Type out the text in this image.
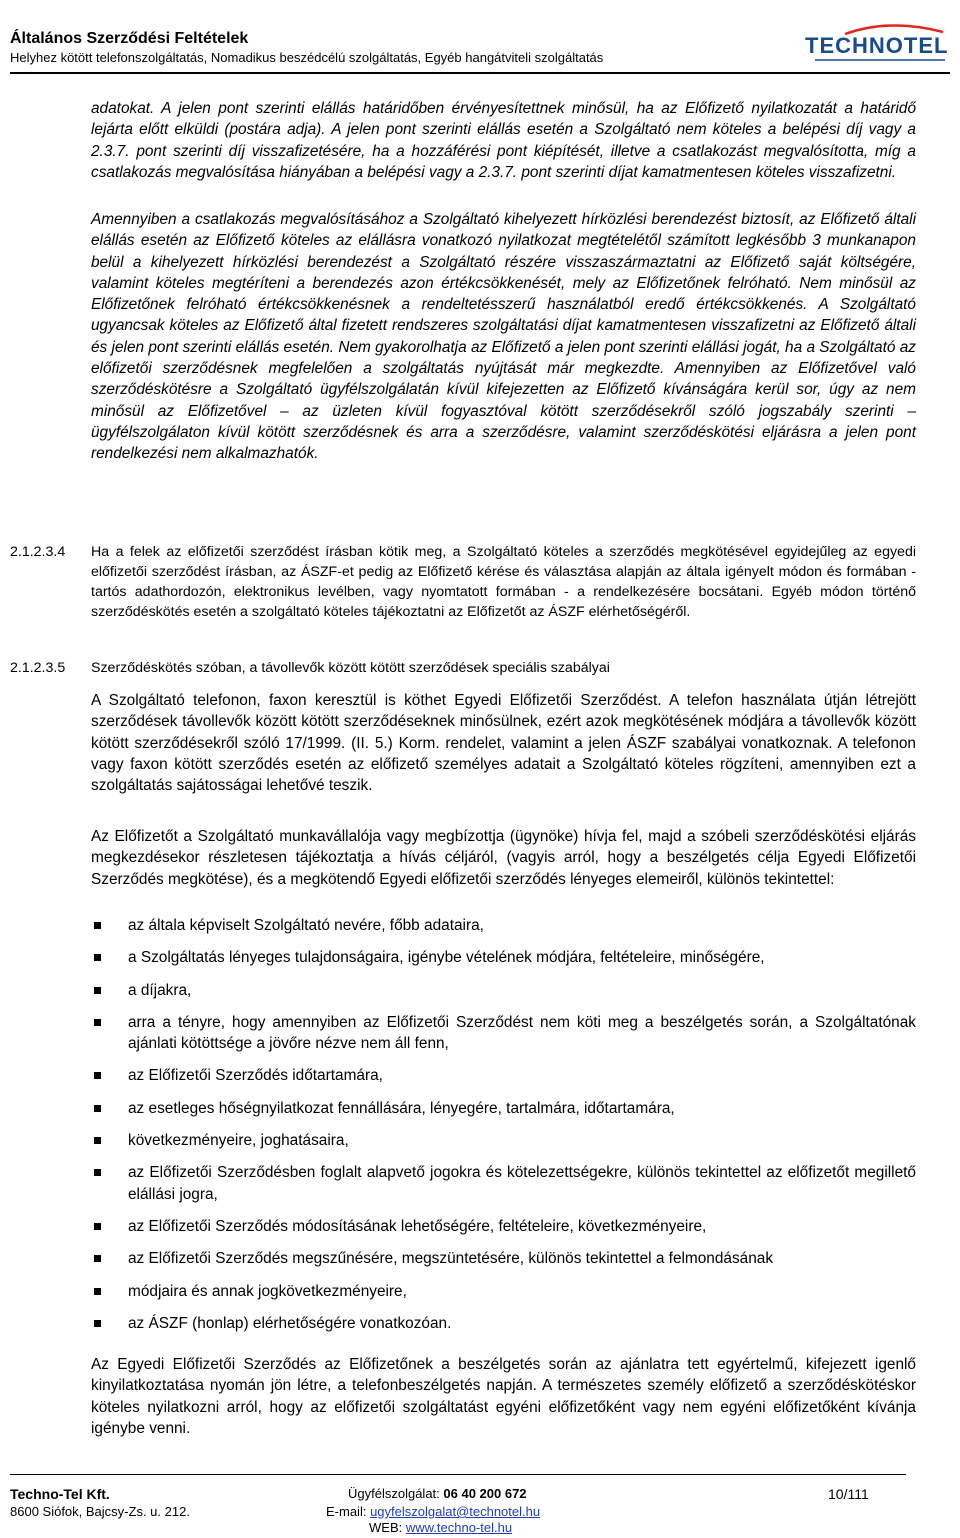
Általános Szerződési Feltételek
Helyhez kötött telefonszolgáltatás, Nomadikus beszédcélú szolgáltatás, Egyéb hangátviteli szolgáltatás	TECHNOTEL
adatokat. A jelen pont szerinti elállás határidőben érvényesítettnek minősül, ha az Előfizető nyilatkozatát a határidő lejárta előtt elküldi (postára adja). A jelen pont szerinti elállás esetén a Szolgáltató nem köteles a belépési díj vagy a 2.3.7. pont szerinti díj visszafizetésére, ha a hozzáférési pont kiépítését, illetve a csatlakozást megvalósította, míg a csatlakozás megvalósítása hiányában a belépési vagy a 2.3.7. pont szerinti díjat kamatmentesen köteles visszafizetni.
Amennyiben a csatlakozás megvalósításához a Szolgáltató kihelyezett hírközlési berendezést biztosít, az Előfizető általi elállás esetén az Előfizető köteles az elállásra vonatkozó nyilatkozat megtételétől számított legkésőbb 3 munkanapon belül a kihelyezett hírközlési berendezést a Szolgáltató részére visszaszármaztatni az Előfizető saját költségére, valamint köteles megtéríteni a berendezés azon értékcsökkenését, mely az Előfizetőnek felróható. Nem minősül az Előfizetőnek felróható értékcsökkenésnek a rendeltetésszerű használatból eredő értékcsökkenés. A Szolgáltató ugyancsak köteles az Előfizető által fizetett rendszeres szolgáltatási díjat kamatmentesen visszafizetni az Előfizető általi és jelen pont szerinti elállás esetén. Nem gyakorolhatja az Előfizető a jelen pont szerinti elállási jogát, ha a Szolgáltató az előfizetői szerződésnek megfelelően a szolgáltatás nyújtását már megkezdte. Amennyiben az Előfizetővel való szerződéskötésre a Szolgáltató ügyfélszolgálatán kívül kifejezetten az Előfizető kívánságára kerül sor, úgy az nem minősül az Előfizetővel – az üzleten kívül fogyasztóval kötött szerződésekről szóló jogszabály szerinti – ügyfélszolgálaton kívül kötött szerződésnek és arra a szerződésre, valamint szerződéskötési eljárásra a jelen pont rendelkezési nem alkalmazhatók.
2.1.2.3.4 Ha a felek az előfizetői szerződést írásban kötik meg, a Szolgáltató köteles a szerződés megkötésével egyidejűleg az egyedi előfizetői szerződést írásban, az ÁSZF-et pedig az Előfizető kérése és választása alapján az általa igényelt módon és formában - tartós adathordozón, elektronikus levélben, vagy nyomtatott formában - a rendelkezésére bocsátani. Egyéb módon történő szerződéskötés esetén a szolgáltató köteles tájékoztatni az Előfizetőt az ÁSZF elérhetőségéről.
2.1.2.3.5 Szerződéskötés szóban, a távollevők között kötött szerződések speciális szabályai
A Szolgáltató telefonon, faxon keresztül is köthet Egyedi Előfizetői Szerződést. A telefon használata útján létrejött szerződések távollevők között kötött szerződéseknek minősülnek, ezért azok megkötésének módjára a távollevők között kötött szerződésekről szóló 17/1999. (II. 5.) Korm. rendelet, valamint a jelen ÁSZF szabályai vonatkoznak. A telefonon vagy faxon kötött szerződés esetén az előfizető személyes adatait a Szolgáltató köteles rögzíteni, amennyiben ezt a szolgáltatás sajátosságai lehetővé teszik.
Az Előfizetőt a Szolgáltató munkavállalója vagy megbízottja (ügynöke) hívja fel, majd a szóbeli szerződéskötési eljárás megkezdésekor részletesen tájékoztatja a hívás céljáról, (vagyis arról, hogy a beszélgetés célja Egyedi Előfizetői Szerződés megkötése), és a megkötendő Egyedi előfizetői szerződés lényeges elemeiről, különös tekintettel:
az általa képviselt Szolgáltató nevére, főbb adataira,
a Szolgáltatás lényeges tulajdonságaira, igénybe vételének módjára, feltételeire, minőségére,
a díjakra,
arra a tényre, hogy amennyiben az Előfizetői Szerződést nem köti meg a beszélgetés során, a Szolgáltatónak ajánlati kötöttsége a jövőre nézve nem áll fenn,
az Előfizetői Szerződés időtartamára,
az esetleges hőségnyilatkozat fennállására, lényegére, tartalmára, időtartamára,
következményeire, joghatásaira,
az Előfizetői Szerződésben foglalt alapvető jogokra és kötelezettségekre, különös tekintettel az előfizetőt megillető elállási jogra,
az Előfizetői Szerződés módosításának lehetőségére, feltételeire, következményeire,
az Előfizetői Szerződés megszűnésére, megszüntetésére, különös tekintettel a felmondásának
módjaira és annak jogkövetkezményeire,
az ÁSZF (honlap) elérhetőségére vonatkozóan.
Az Egyedi Előfizetői Szerződés az Előfizetőnek a beszélgetés során az ajánlatra tett egyértelmű, kifejezett igenlő kinyilatkoztatása nyomán jön létre, a telefonbeszélgetés napján. A természetes személy előfizető a szerződéskötéskor köteles nyilatkozni arról, hogy az előfizetői szolgáltatást egyéni előfizetőként vagy nem egyéni előfizetőként kívánja igénybe venni.
Techno-Tel Kft.
8600 Siófok, Bajcsy-Zs. u. 212.
Ügyfélszolgálat: 06 40 200 672
E-mail: ugyfelszolgalat@technotel.hu
WEB: www.techno-tel.hu
10/111
